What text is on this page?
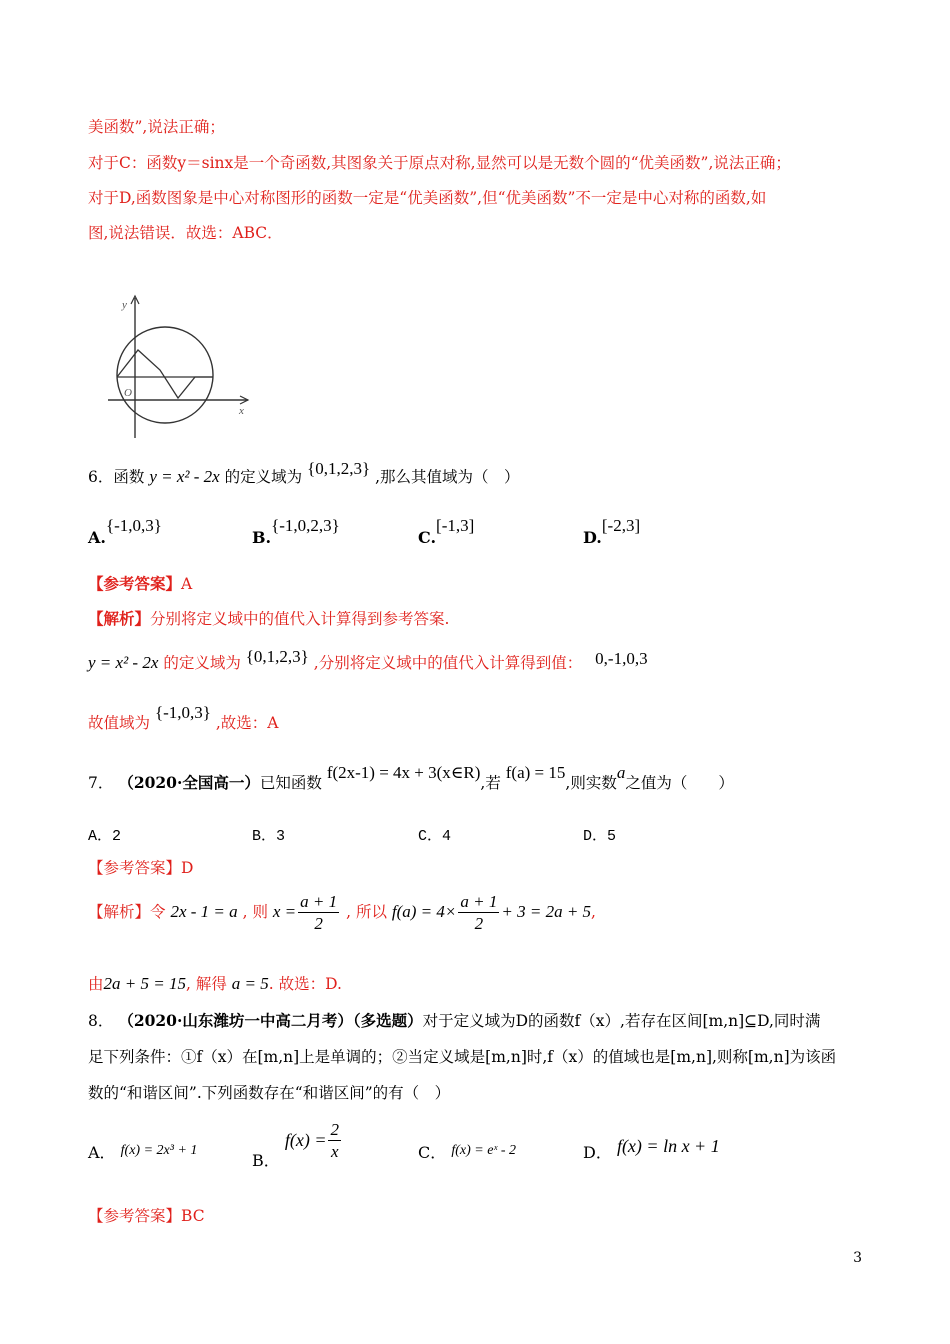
美函数”,说法正确；
对于C：函数y＝sinx是一个奇函数,其图象关于原点对称,显然可以是无数个圆的“优美函数”,说法正确；
对于D,函数图象是中心对称图形的函数一定是“优美函数”,但“优美函数”不一定是中心对称的函数,如
图,说法错误．故选：ABC．
y
x
O
6．函数 y = x² - 2x 的定义域为 {0,1,2,3} ,那么其值域为（　）
A.{-1,0,3}
B.{-1,0,2,3}
C.[-1,3]
D.[-2,3]
【参考答案】A
【解析】分别将定义域中的值代入计算得到参考答案.
y = x² - 2x 的定义域为 {0,1,2,3} ,分别将定义域中的值代入计算得到值： 0,-1,0,3
故值域为 {-1,0,3} ,故选：A
7． （2020·全国高一）已知函数 f(2x-1) = 4x + 3(x∈R),若 f(a) = 15,则实数a之值为（　　）
A．2	B．3	C．4	D．5
【参考答案】D
【解析】令 2x - 1 = a , 则 $x = \frac{a + 1}{2}$ , 所以 $f(a) = 4\times \frac{a + 1}{2} + 3 = 2a + 5$,
由2a + 5 = 15, 解得 a = 5. 故选：D.
8． （2020·山东潍坊一中高二月考）（多选题）对于定义域为D的函数f（x）,若存在区间[m,n]⊆D,同时满
足下列条件：①f（x）在[m,n]上是单调的；②当定义域是[m,n]时,f（x）的值域也是[m,n],则称[m,n]为该函
数的“和谐区间”.下列函数存在“和谐区间”的有（　）
A． f(x) = 2x³ + 1
B． $f(x) = \frac{2}{x}$	C． f(x) = eˣ - 2	D． f(x) = ln x + 1
【参考答案】BC
3
